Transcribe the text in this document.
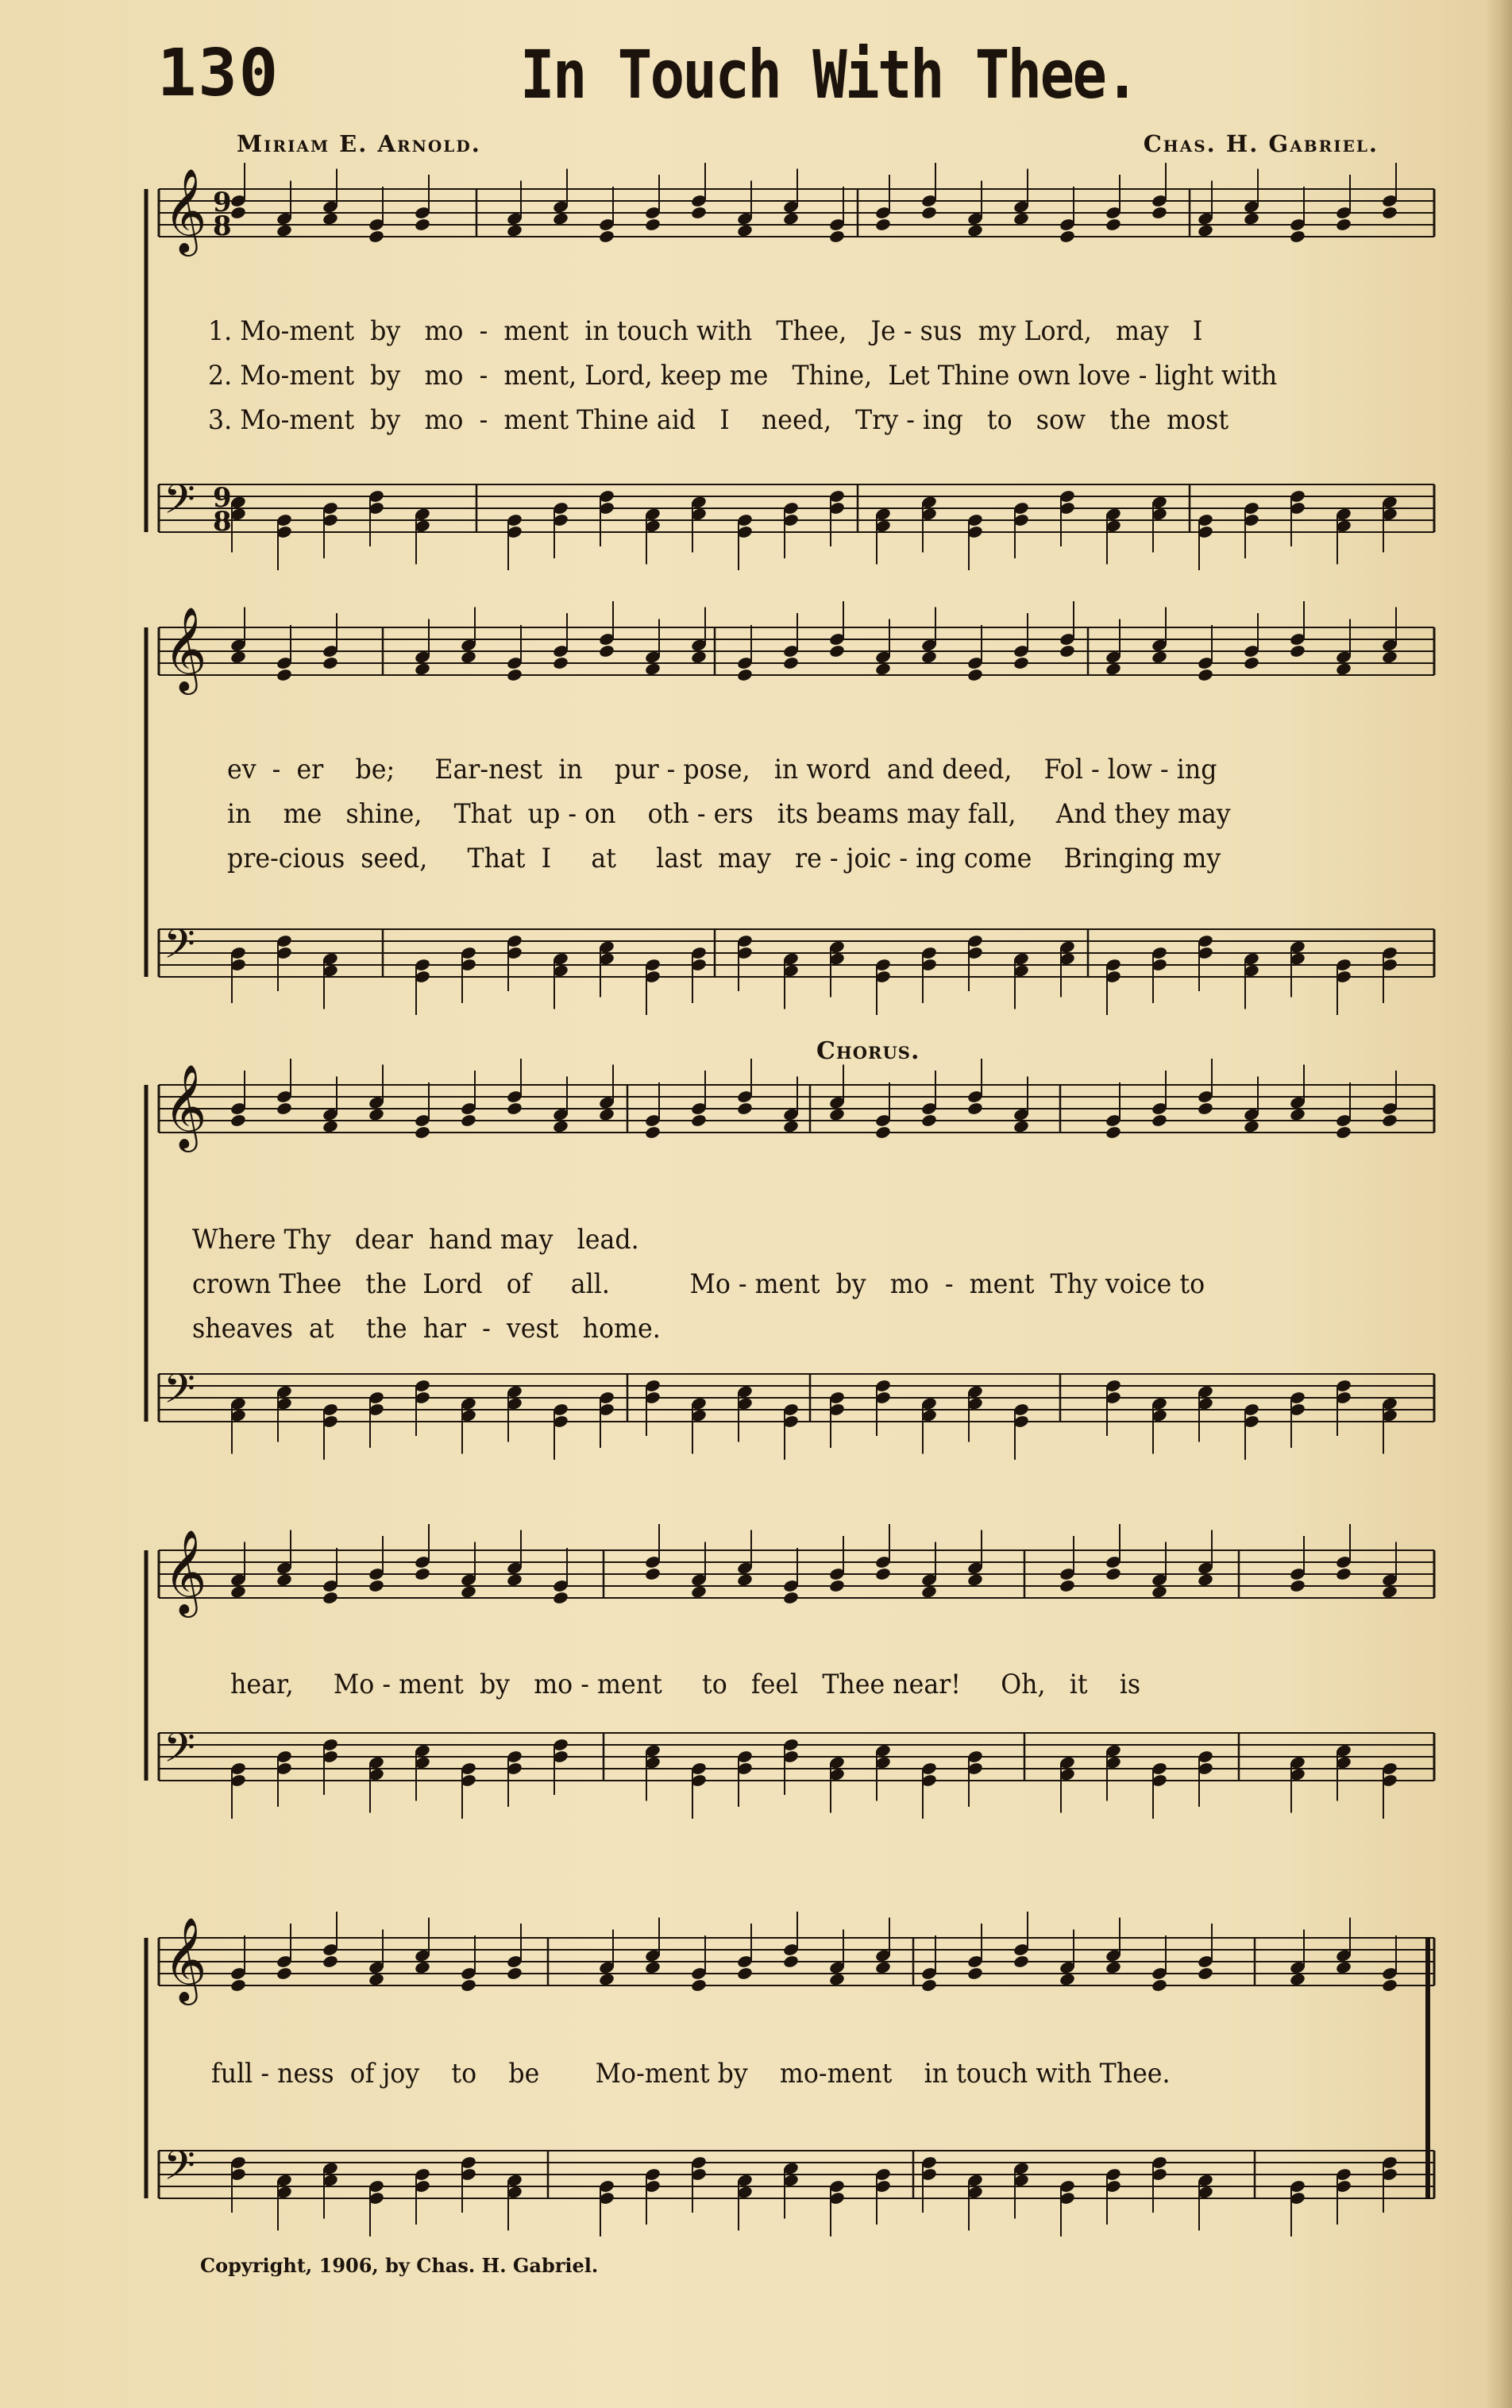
130	In Touch With Thee.
Miriam E. Arnold.	Chas. H. Gabriel.
𝄞
𝄢
𝄞
𝄢
𝄞
𝄢
𝄞
𝄢
𝄞
𝄢
9
8
9
8
1. Mo-ment  by   mo  -  ment  in touch with   Thee,   Je - sus  my Lord,   may   I
2. Mo-ment  by   mo  -  ment, Lord, keep me   Thine,  Let Thine own love - light with
3. Mo-ment  by   mo  -  ment Thine aid   I    need,   Try - ing   to   sow   the  most
ev  -  er    be;     Ear-nest  in    pur - pose,   in word  and deed,    Fol - low - ing
in    me   shine,    That  up - on    oth - ers   its beams may fall,     And they may
pre-cious  seed,     That  I     at     last  may   re - joic - ing come    Bringing my
Chorus.
Where Thy   dear  hand may   lead.
crown Thee   the  Lord   of     all.          Mo - ment  by   mo  -  ment  Thy voice to
sheaves  at    the  har  -  vest   home.
hear,     Mo - ment  by   mo - ment     to   feel   Thee near!     Oh,   it    is
full - ness  of joy    to    be       Mo-ment by    mo-ment    in touch with Thee.
Copyright, 1906, by Chas. H. Gabriel.
